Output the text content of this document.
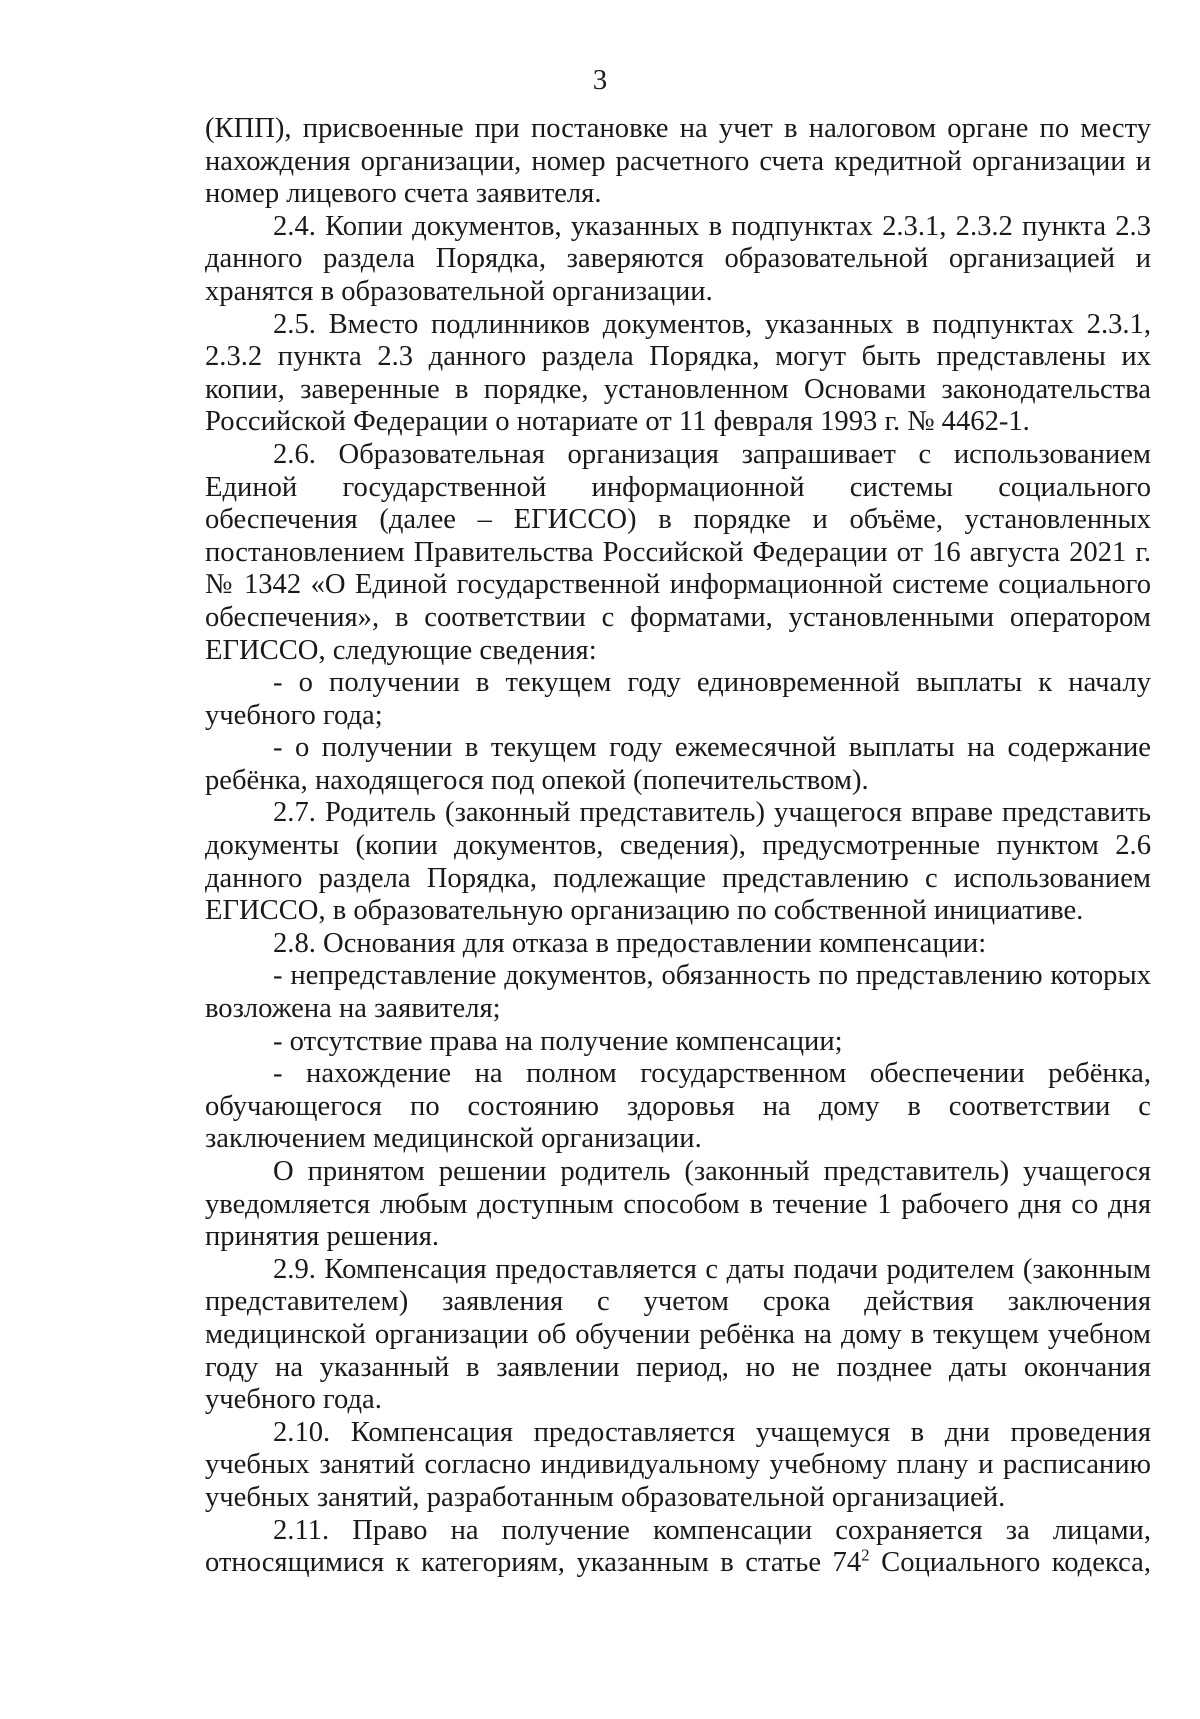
3

(КПП), присвоенные при постановке на учет в налоговом органе по месту нахождения организации, номер расчетного счета кредитной организации и номер лицевого счета заявителя.

2.4. Копии документов, указанных в подпунктах 2.3.1, 2.3.2 пункта 2.3 данного раздела Порядка, заверяются образовательной организацией и хранятся в образовательной организации.

2.5. Вместо подлинников документов, указанных в подпунктах 2.3.1, 2.3.2 пункта 2.3 данного раздела Порядка, могут быть представлены их копии, заверенные в порядке, установленном Основами законодательства Российской Федерации о нотариате от 11 февраля 1993 г. № 4462-1.

2.6. Образовательная организация запрашивает с использованием Единой государственной информационной системы социального обеспечения (далее – ЕГИССО) в порядке и объёме, установленных постановлением Правительства Российской Федерации от 16 августа 2021 г. № 1342 «О Единой государственной информационной системе социального обеспечения», в соответствии с форматами, установленными оператором ЕГИССО, следующие сведения:

- о получении в текущем году единовременной выплаты к началу учебного года;

- о получении в текущем году ежемесячной выплаты на содержание ребёнка, находящегося под опекой (попечительством).

2.7. Родитель (законный представитель) учащегося вправе представить документы (копии документов, сведения), предусмотренные пунктом 2.6 данного раздела Порядка, подлежащие представлению с использованием ЕГИССО, в образовательную организацию по собственной инициативе.

2.8. Основания для отказа в предоставлении компенсации:

- непредставление документов, обязанность по представлению которых возложена на заявителя;

- отсутствие права на получение компенсации;

- нахождение на полном государственном обеспечении ребёнка, обучающегося по состоянию здоровья на дому в соответствии с заключением медицинской организации.

О принятом решении родитель (законный представитель) учащегося уведомляется любым доступным способом в течение 1 рабочего дня со дня принятия решения.

2.9. Компенсация предоставляется с даты подачи родителем (законным представителем) заявления с учетом срока действия заключения медицинской организации об обучении ребёнка на дому в текущем учебном году на указанный в заявлении период, но не позднее даты окончания учебного года.

2.10. Компенсация предоставляется учащемуся в дни проведения учебных занятий согласно индивидуальному учебному плану и расписанию учебных занятий, разработанным образовательной организацией.

2.11. Право на получение компенсации сохраняется за лицами, относящимися к категориям, указанным в статье $74^2$ Социального кодекса,
